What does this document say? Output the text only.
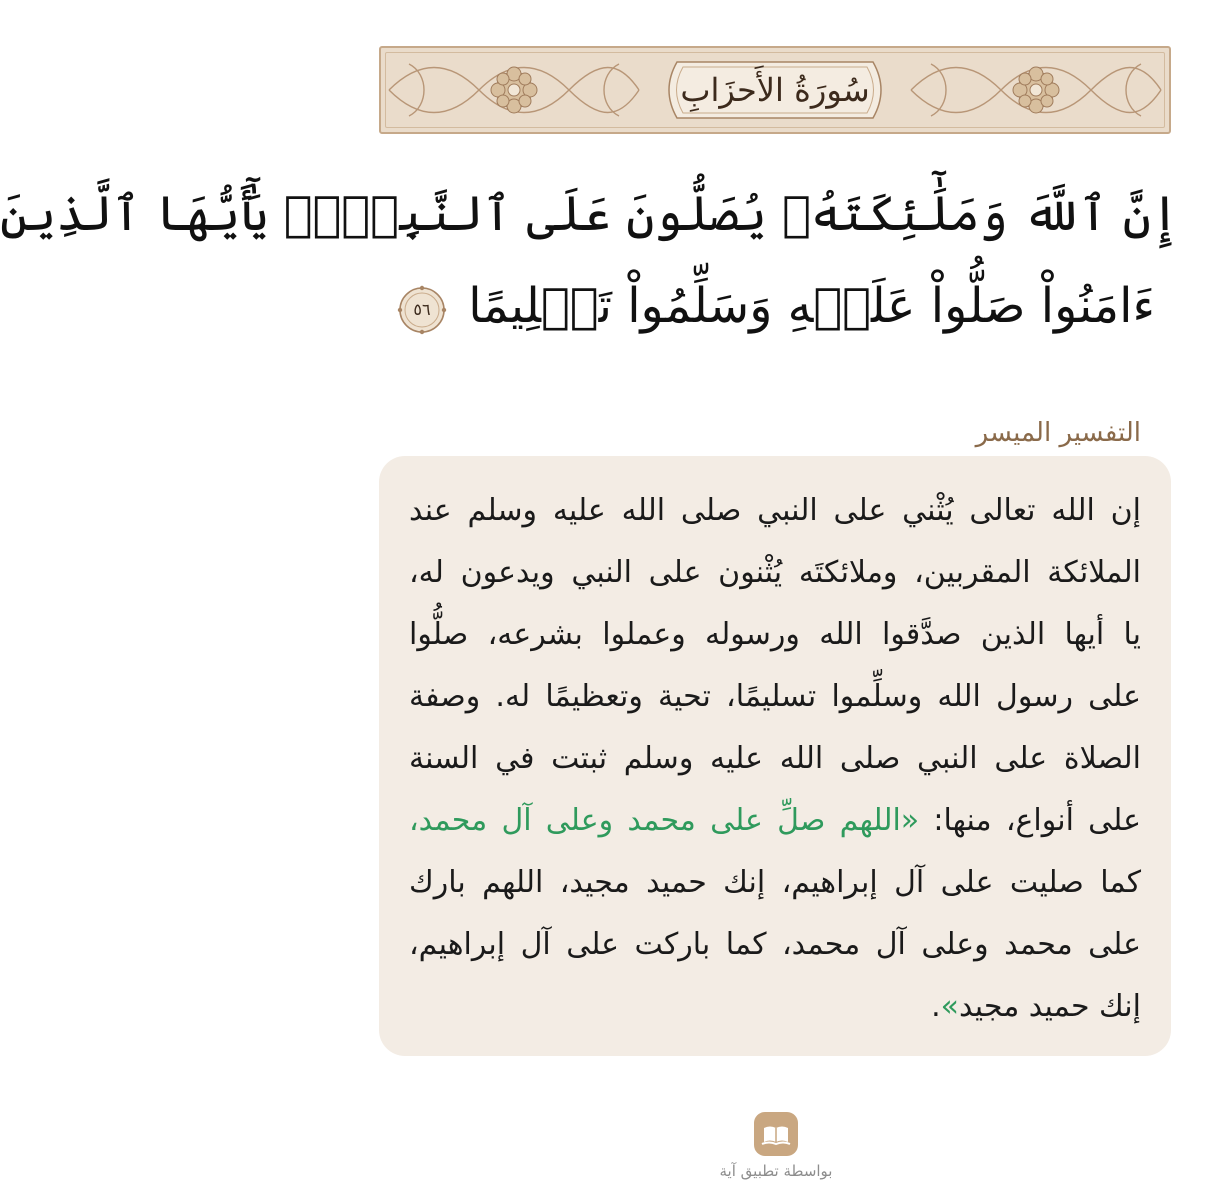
سُورَةُ الأَحزَابِ
إِنَّ ٱللَّهَ وَمَلَٰٓئِكَتَهُۥ يُصَلُّونَ عَلَى ٱلنَّبِيِّۚ يَٰٓأَيُّهَا ٱلَّذِينَ
ءَامَنُواْ صَلُّواْ عَلَيۡهِ وَسَلِّمُواْ تَسۡلِيمًا
٥٦
التفسير الميسر
إن الله تعالى يُثْني على النبي صلى الله عليه وسلم عند
الملائكة المقربين، وملائكتَه يُثْنون على النبي ويدعون له،
يا أيها الذين صدَّقوا الله ورسوله وعملوا بشرعه، صلُّوا
على رسول الله وسلِّموا تسليمًا، تحية وتعظيمًا له. وصفة
الصلاة على النبي صلى الله عليه وسلم ثبتت في السنة
على أنواع، منها: «اللهم صلِّ على محمد وعلى آل محمد،
كما صليت على آل إبراهيم، إنك حميد مجيد، اللهم بارك
على محمد وعلى آل محمد، كما باركت على آل إبراهيم،
إنك حميد مجيد».
بواسطة تطبيق آية
